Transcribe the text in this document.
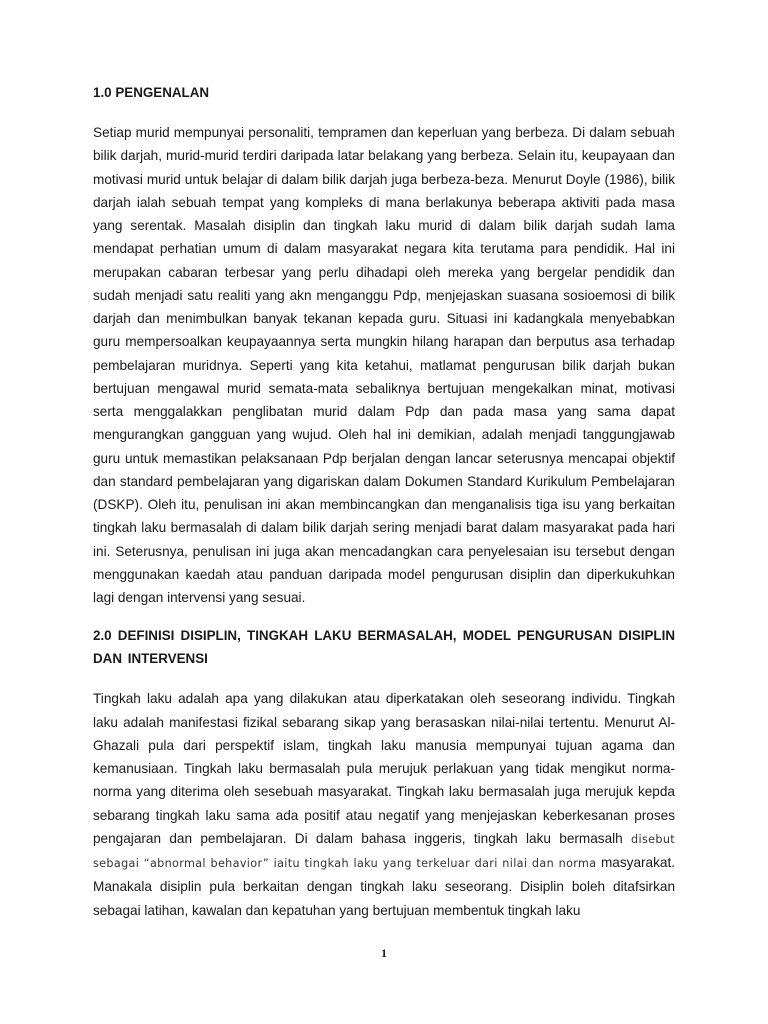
1.0 PENGENALAN

Setiap murid mempunyai personaliti, tempramen dan keperluan yang berbeza. Di dalam sebuah bilik darjah, murid-murid terdiri daripada latar belakang yang berbeza. Selain itu, keupayaan dan motivasi murid untuk belajar di dalam bilik darjah juga berbeza-beza. Menurut Doyle (1986), bilik darjah ialah sebuah tempat yang kompleks di mana berlakunya beberapa aktiviti pada masa yang serentak. Masalah disiplin dan tingkah laku murid di dalam bilik darjah sudah lama mendapat perhatian umum di dalam masyarakat negara kita terutama para pendidik. Hal ini merupakan cabaran terbesar yang perlu dihadapi oleh mereka yang bergelar pendidik dan sudah menjadi satu realiti yang akn menganggu Pdp, menjejaskan suasana sosioemosi di bilik darjah dan menimbulkan banyak tekanan kepada guru. Situasi ini kadangkala menyebabkan guru mempersoalkan keupayaannya serta mungkin hilang harapan dan berputus asa terhadap pembelajaran muridnya. Seperti yang kita ketahui, matlamat pengurusan bilik darjah bukan bertujuan mengawal murid semata-mata sebaliknya bertujuan mengekalkan minat, motivasi serta menggalakkan penglibatan murid dalam Pdp dan pada masa yang sama dapat mengurangkan gangguan yang wujud. Oleh hal ini demikian, adalah menjadi tanggungjawab guru untuk memastikan pelaksanaan Pdp berjalan dengan lancar seterusnya mencapai objektif dan standard pembelajaran yang digariskan dalam Dokumen Standard Kurikulum Pembelajaran (DSKP). Oleh itu, penulisan ini akan membincangkan dan menganalisis tiga isu yang berkaitan tingkah laku bermasalah di dalam bilik darjah sering menjadi barat dalam masyarakat pada hari ini. Seterusnya, penulisan ini juga akan mencadangkan cara penyelesaian isu tersebut dengan menggunakan kaedah atau panduan daripada model pengurusan disiplin dan diperkukuhkan lagi dengan intervensi yang sesuai.

2.0 DEFINISI DISIPLIN, TINGKAH LAKU BERMASALAH, MODEL PENGURUSAN DISIPLIN DAN INTERVENSI

Tingkah laku adalah apa yang dilakukan atau diperkatakan oleh seseorang individu. Tingkah laku adalah manifestasi fizikal sebarang sikap yang berasaskan nilai-nilai tertentu. Menurut Al-Ghazali pula dari perspektif islam, tingkah laku manusia mempunyai tujuan agama dan kemanusiaan. Tingkah laku bermasalah pula merujuk perlakuan yang tidak mengikut norma-norma yang diterima oleh sesebuah masyarakat. Tingkah laku bermasalah juga merujuk kepda sebarang tingkah laku sama ada positif atau negatif yang menjejaskan keberkesanan proses pengajaran dan pembelajaran. Di dalam bahasa inggeris, tingkah laku bermasalh disebut sebagai “abnormal behavior” iaitu tingkah laku yang terkeluar dari nilai dan norma masyarakat. Manakala disiplin pula berkaitan dengan tingkah laku seseorang. Disiplin boleh ditafsirkan sebagai latihan, kawalan dan kepatuhan yang bertujuan membentuk tingkah laku

1
